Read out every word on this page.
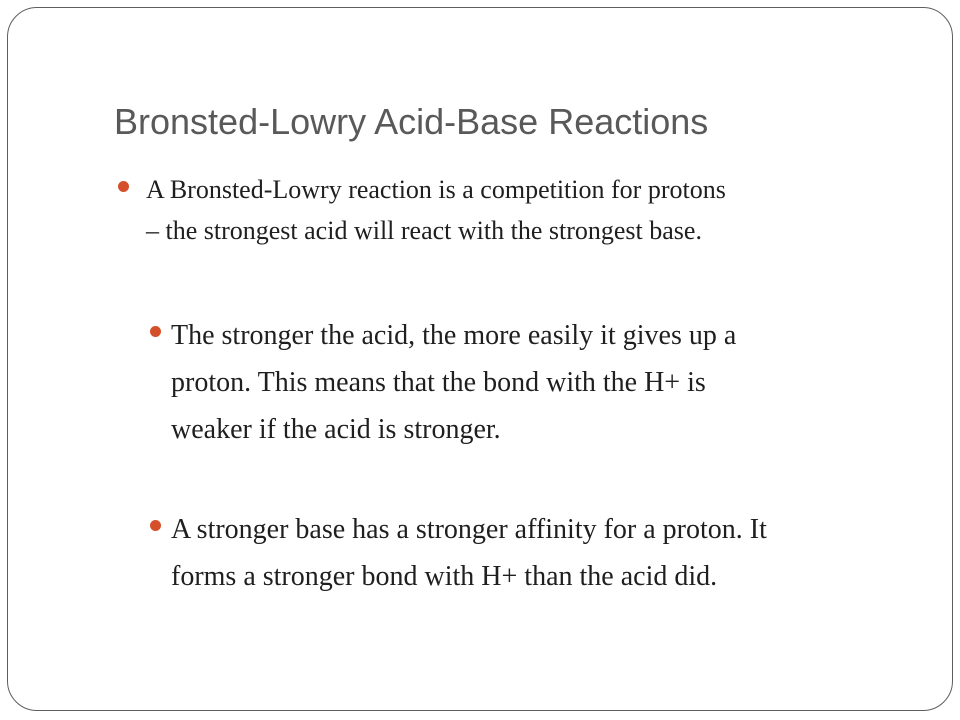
Bronsted-Lowry Acid-Base Reactions
A Bronsted-Lowry reaction is a competition for protons
– the strongest acid will react with the strongest base.
The stronger the acid, the more easily it gives up a
proton. This means that the bond with the H+ is
weaker if the acid is stronger.
A stronger base has a stronger affinity for a proton. It
forms a stronger bond with H+ than the acid did.
